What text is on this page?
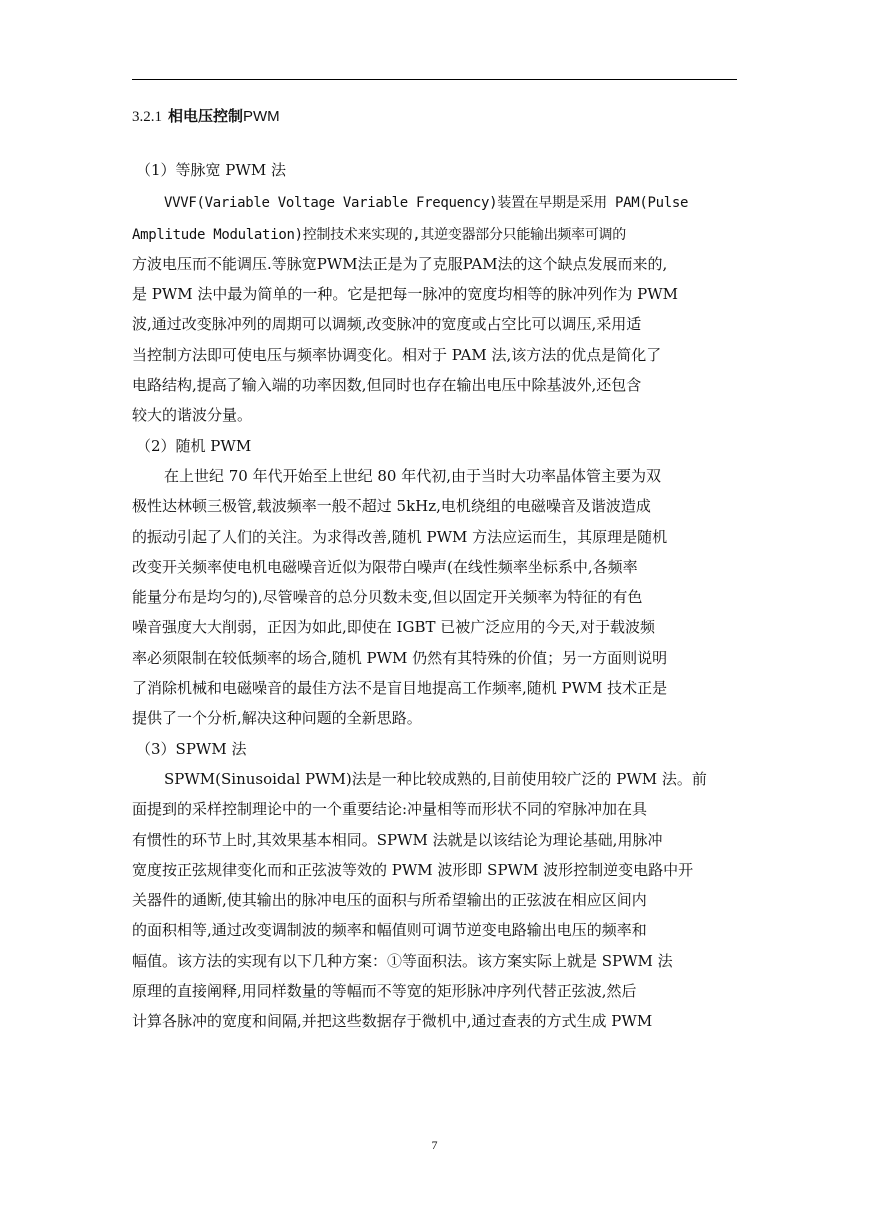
3.2.1 相电压控制PWM
（1）等脉宽 PWM 法
VVVF(Variable Voltage Variable Frequency)装置在早期是采用 PAM(Pulse
Amplitude Modulation)控制技术来实现的,其逆变器部分只能输出频率可调的
方波电压而不能调压.等脉宽PWM法正是为了克服PAM法的这个缺点发展而来的,
是 PWM 法中最为简单的一种。它是把每一脉冲的宽度均相等的脉冲列作为 PWM
波,通过改变脉冲列的周期可以调频,改变脉冲的宽度或占空比可以调压,采用适
当控制方法即可使电压与频率协调变化。相对于 PAM 法,该方法的优点是简化了
电路结构,提高了输入端的功率因数,但同时也存在输出电压中除基波外,还包含
较大的谐波分量。
（2）随机 PWM
在上世纪 70 年代开始至上世纪 80 年代初,由于当时大功率晶体管主要为双
极性达林顿三极管,载波频率一般不超过 5kHz,电机绕组的电磁噪音及谐波造成
的振动引起了人们的关注。为求得改善,随机 PWM 方法应运而生，其原理是随机
改变开关频率使电机电磁噪音近似为限带白噪声(在线性频率坐标系中,各频率
能量分布是均匀的),尽管噪音的总分贝数未变,但以固定开关频率为特征的有色
噪音强度大大削弱，正因为如此,即使在 IGBT 已被广泛应用的今天,对于载波频
率必须限制在较低频率的场合,随机 PWM 仍然有其特殊的价值；另一方面则说明
了消除机械和电磁噪音的最佳方法不是盲目地提高工作频率,随机 PWM 技术正是
提供了一个分析,解决这种问题的全新思路。
（3）SPWM 法
SPWM(Sinusoidal PWM)法是一种比较成熟的,目前使用较广泛的 PWM 法。前
面提到的采样控制理论中的一个重要结论:冲量相等而形状不同的窄脉冲加在具
有惯性的环节上时,其效果基本相同。SPWM 法就是以该结论为理论基础,用脉冲
宽度按正弦规律变化而和正弦波等效的 PWM 波形即 SPWM 波形控制逆变电路中开
关器件的通断,使其输出的脉冲电压的面积与所希望输出的正弦波在相应区间内
的面积相等,通过改变调制波的频率和幅值则可调节逆变电路输出电压的频率和
幅值。该方法的实现有以下几种方案：①等面积法。该方案实际上就是 SPWM 法
原理的直接阐释,用同样数量的等幅而不等宽的矩形脉冲序列代替正弦波,然后
计算各脉冲的宽度和间隔,并把这些数据存于微机中,通过查表的方式生成 PWM
7
